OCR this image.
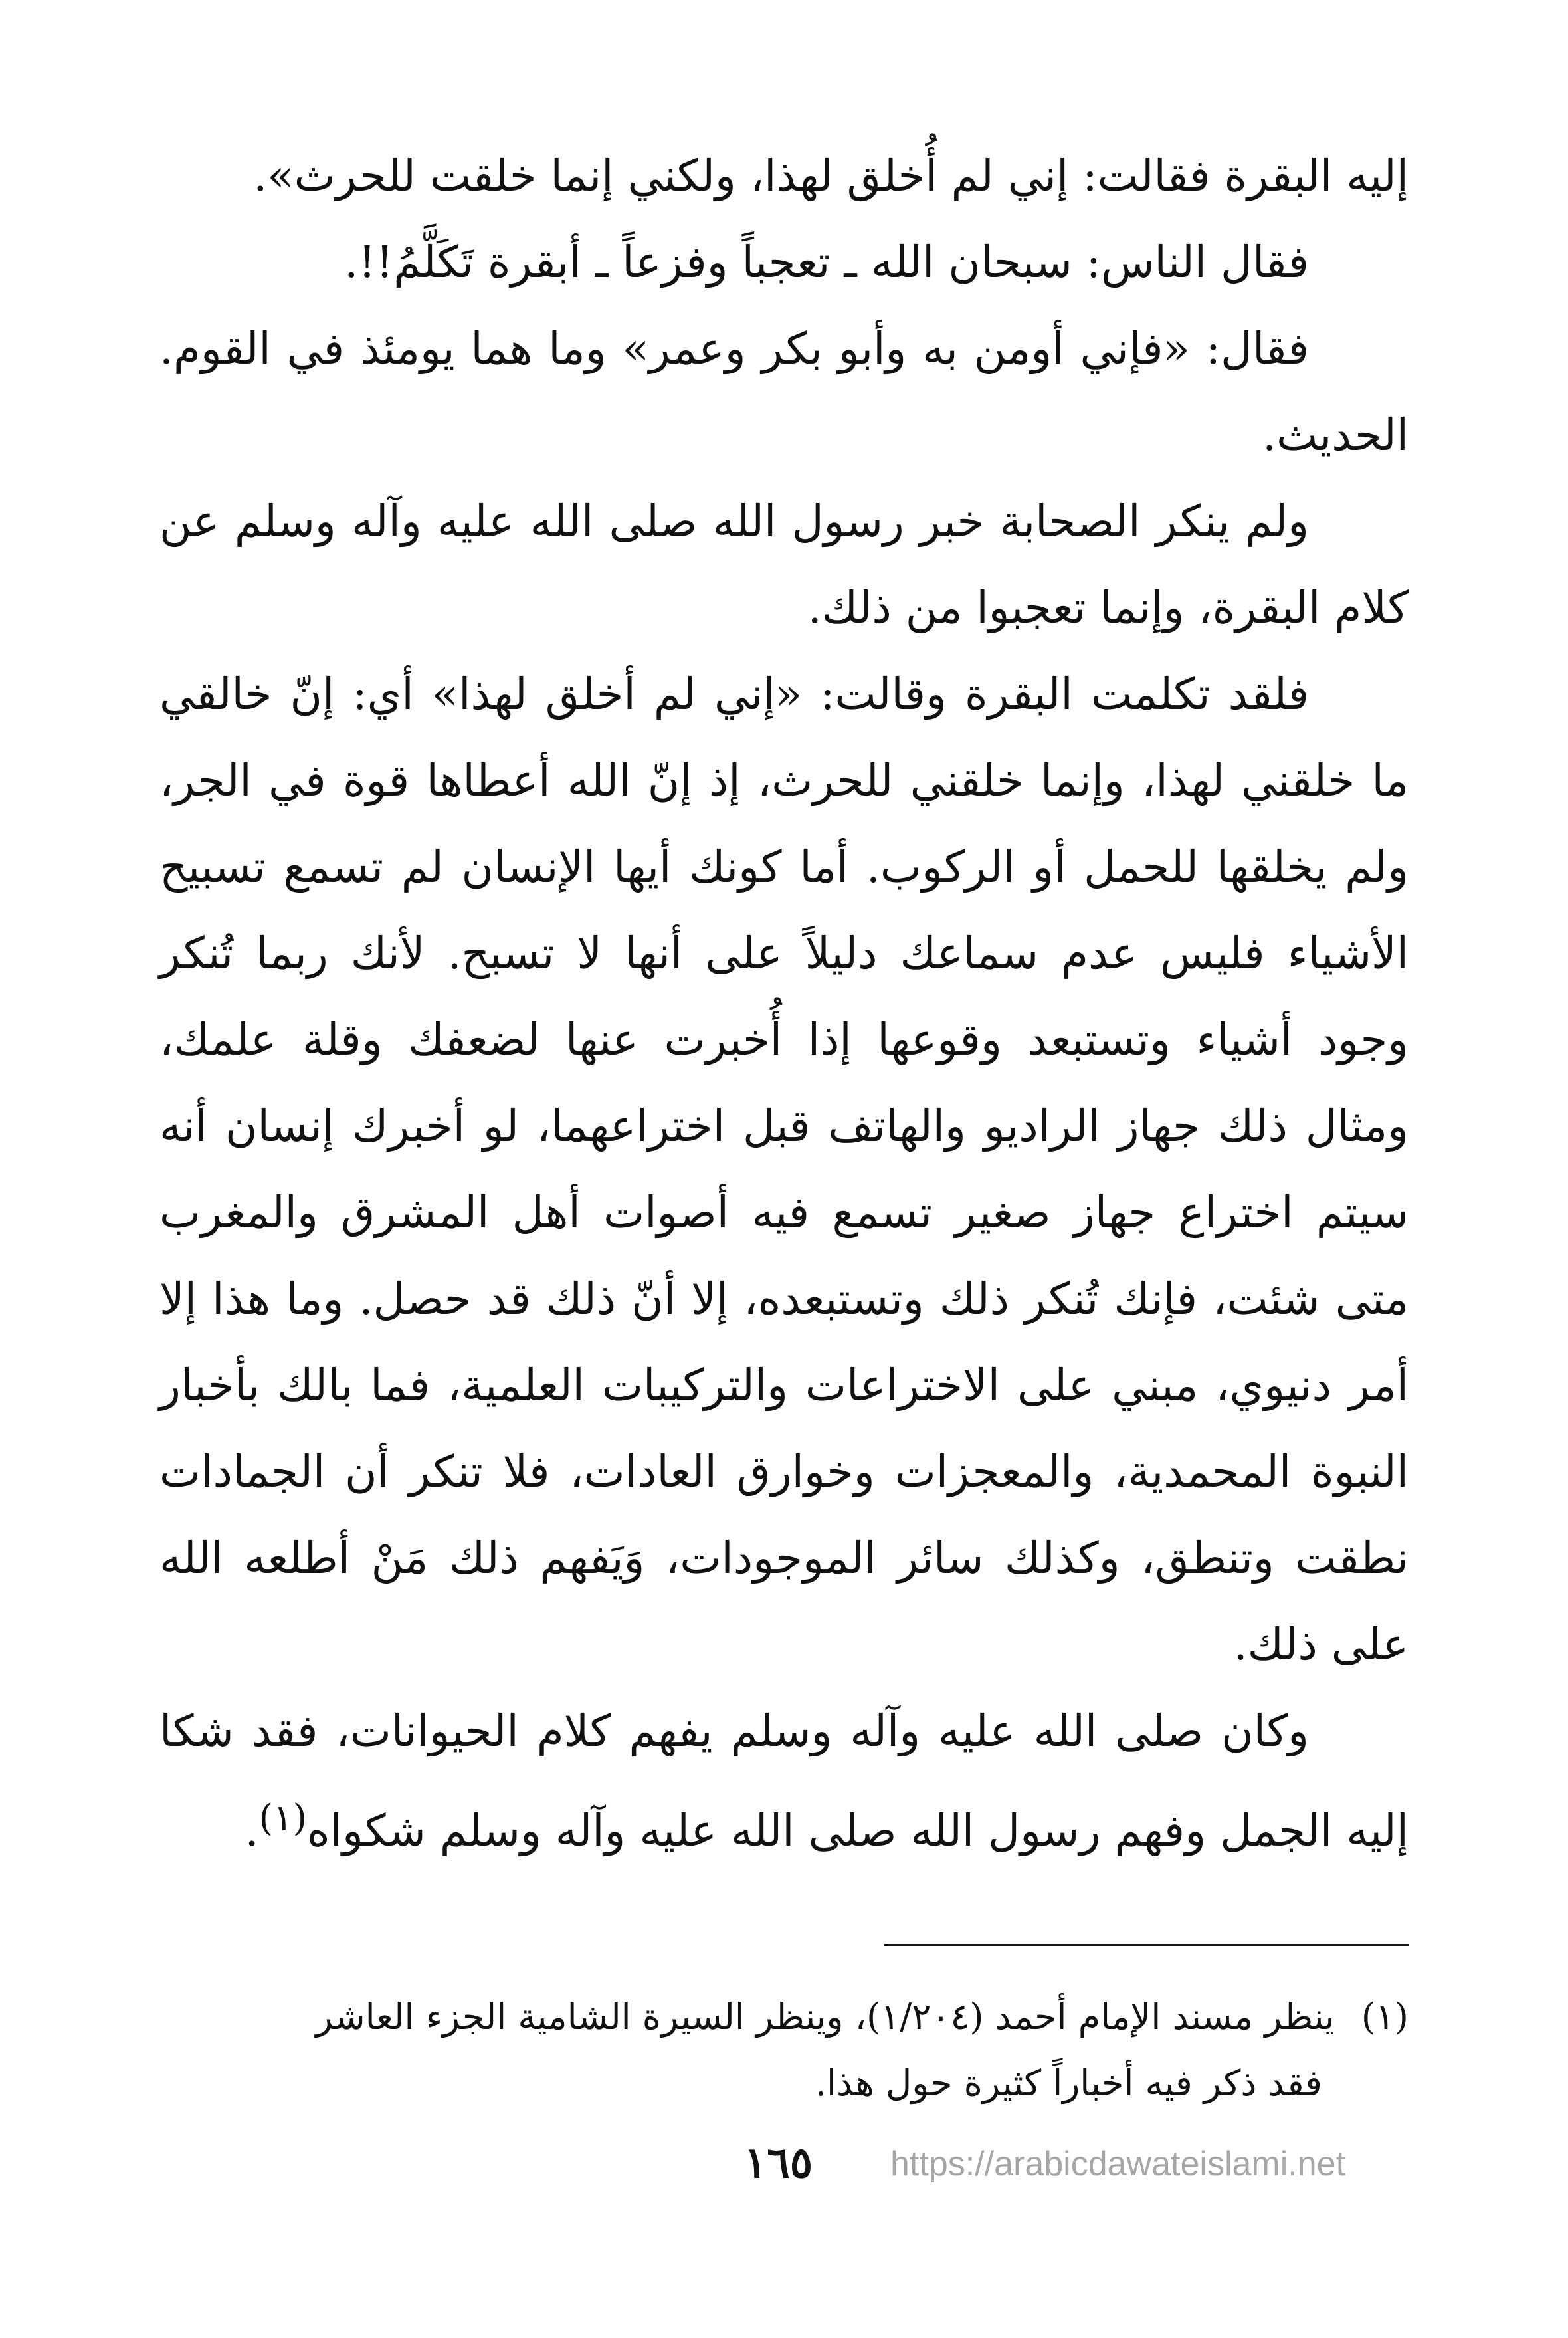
إليه البقرة فقالت: إني لم أُخلق لهذا، ولكني إنما خلقت للحرث».

فقال الناس: سبحان الله ـ تعجباً وفزعاً ـ أبقرة تَكَلَّمُ!!.

فقال: «فإني أومن به وأبو بكر وعمر» وما هما يومئذ في القوم. الحديث.

ولم ينكر الصحابة خبر رسول الله صلى الله عليه وآله وسلم عن كلام البقرة، وإنما تعجبوا من ذلك.

فلقد تكلمت البقرة وقالت: «إني لم أخلق لهذا» أي: إنّ خالقي ما خلقني لهذا، وإنما خلقني للحرث، إذ إنّ الله أعطاها قوة في الجر، ولم يخلقها للحمل أو الركوب. أما كونك أيها الإنسان لم تسمع تسبيح الأشياء فليس عدم سماعك دليلاً على أنها لا تسبح. لأنك ربما تُنكر وجود أشياء وتستبعد وقوعها إذا أُخبرت عنها لضعفك وقلة علمك، ومثال ذلك جهاز الراديو والهاتف قبل اختراعهما، لو أخبرك إنسان أنه سيتم اختراع جهاز صغير تسمع فيه أصوات أهل المشرق والمغرب متى شئت، فإنك تُنكر ذلك وتستبعده، إلا أنّ ذلك قد حصل. وما هذا إلا أمر دنيوي، مبني على الاختراعات والتركيبات العلمية، فما بالك بأخبار النبوة المحمدية، والمعجزات وخوارق العادات، فلا تنكر أن الجمادات نطقت وتنطق، وكذلك سائر الموجودات، وَيَفهم ذلك مَنْ أطلعه الله على ذلك.

وكان صلى الله عليه وآله وسلم يفهم كلام الحيوانات، فقد شكا إليه الجمل وفهم رسول الله صلى الله عليه وآله وسلم شكواه$^{(١)}$.

(١)ينظر مسند الإمام أحمد (١/٢٠٤)، وينظر السيرة الشامية الجزء العاشر
فقد ذكر فيه أخباراً كثيرة حول هذا.
١٦٥ https://arabicdawateislami.net
